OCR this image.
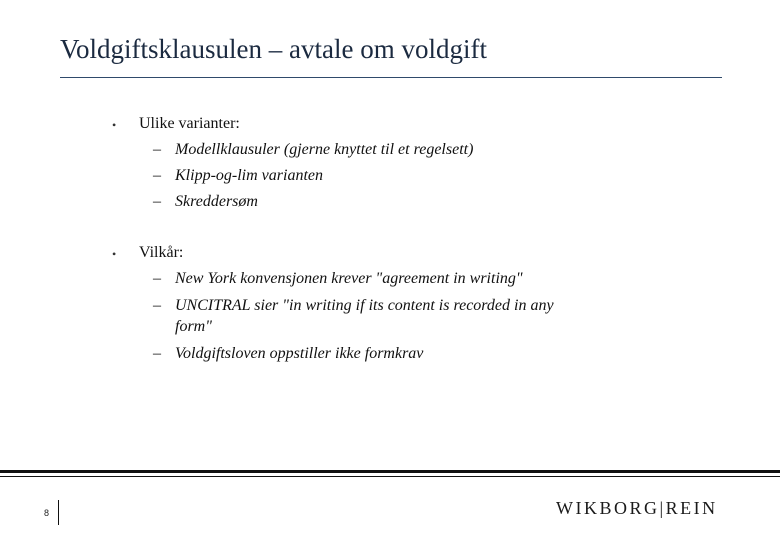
Voldgiftsklausulen – avtale om voldgift
• Ulike varianter:
– Modellklausuler (gjerne knyttet til et regelsett)
– Klipp-og-lim varianten
– Skreddersøm
• Vilkår:
– New York konvensjonen krever "agreement in writing"
– UNCITRAL sier "in writing if its content is recorded in any
form"
– Voldgiftsloven oppstiller ikke formkrav
8	WIKBORG|REIN
